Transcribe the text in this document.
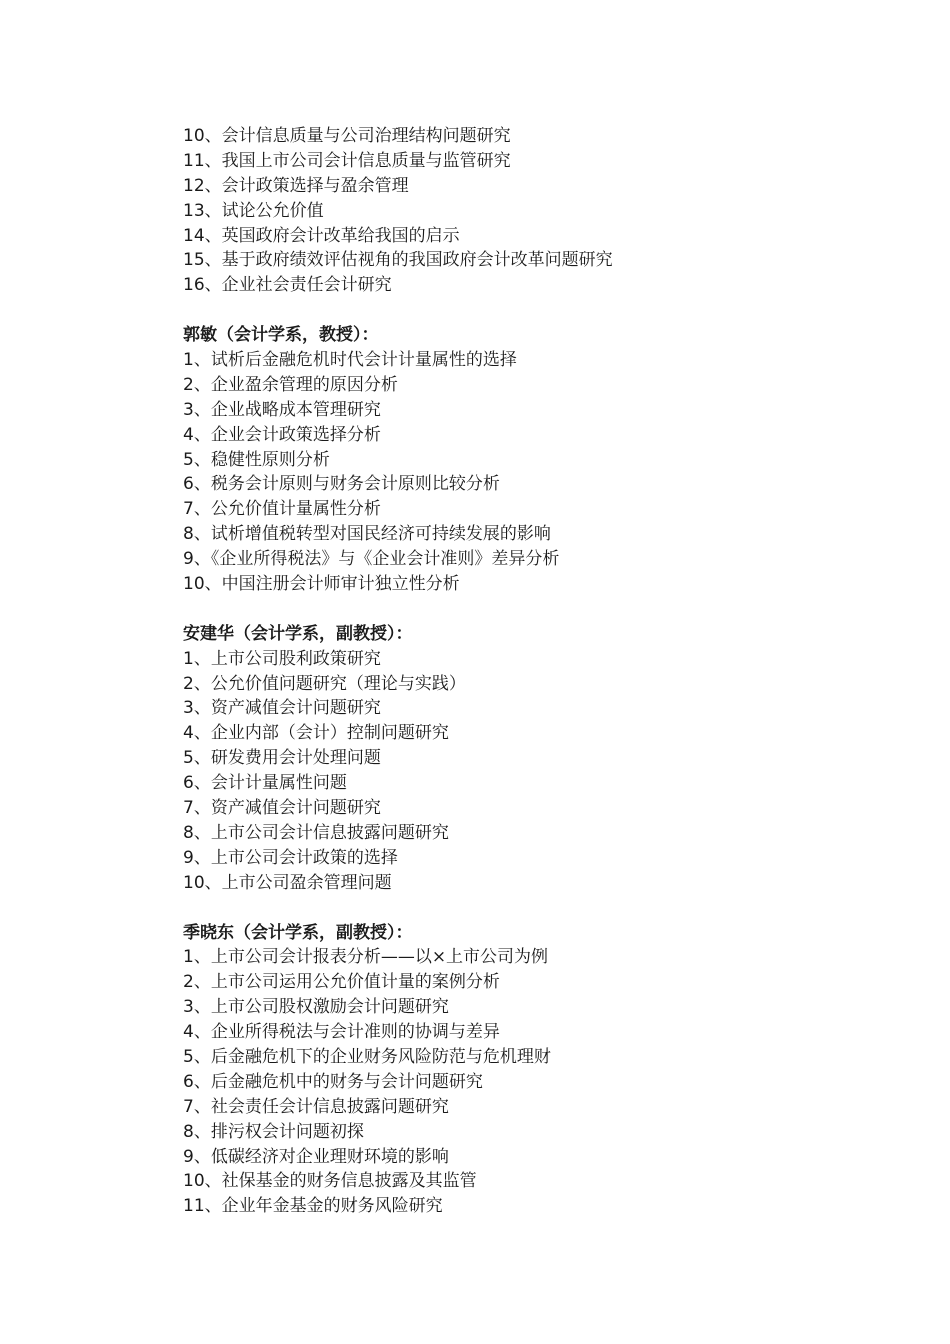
10、会计信息质量与公司治理结构问题研究
11、我国上市公司会计信息质量与监管研究
12、会计政策选择与盈余管理
13、试论公允价值
14、英国政府会计改革给我国的启示
15、基于政府绩效评估视角的我国政府会计改革问题研究
16、企业社会责任会计研究
郭敏（会计学系，教授）：
1、试析后金融危机时代会计计量属性的选择
2、企业盈余管理的原因分析
3、企业战略成本管理研究
4、企业会计政策选择分析
5、稳健性原则分析
6、税务会计原则与财务会计原则比较分析
7、公允价值计量属性分析
8、试析增值税转型对国民经济可持续发展的影响
9、《企业所得税法》与《企业会计准则》差异分析
10、中国注册会计师审计独立性分析
安建华（会计学系，副教授）：
1、上市公司股利政策研究
2、公允价值问题研究（理论与实践）
3、资产减值会计问题研究
4、企业内部（会计）控制问题研究
5、研发费用会计处理问题
6、会计计量属性问题
7、资产减值会计问题研究
8、上市公司会计信息披露问题研究
9、上市公司会计政策的选择
10、上市公司盈余管理问题
季晓东（会计学系，副教授）：
1、上市公司会计报表分析——以×上市公司为例
2、上市公司运用公允价值计量的案例分析
3、上市公司股权激励会计问题研究
4、企业所得税法与会计准则的协调与差异
5、后金融危机下的企业财务风险防范与危机理财
6、后金融危机中的财务与会计问题研究
7、社会责任会计信息披露问题研究
8、排污权会计问题初探
9、低碳经济对企业理财环境的影响
10、社保基金的财务信息披露及其监管
11、企业年金基金的财务风险研究
